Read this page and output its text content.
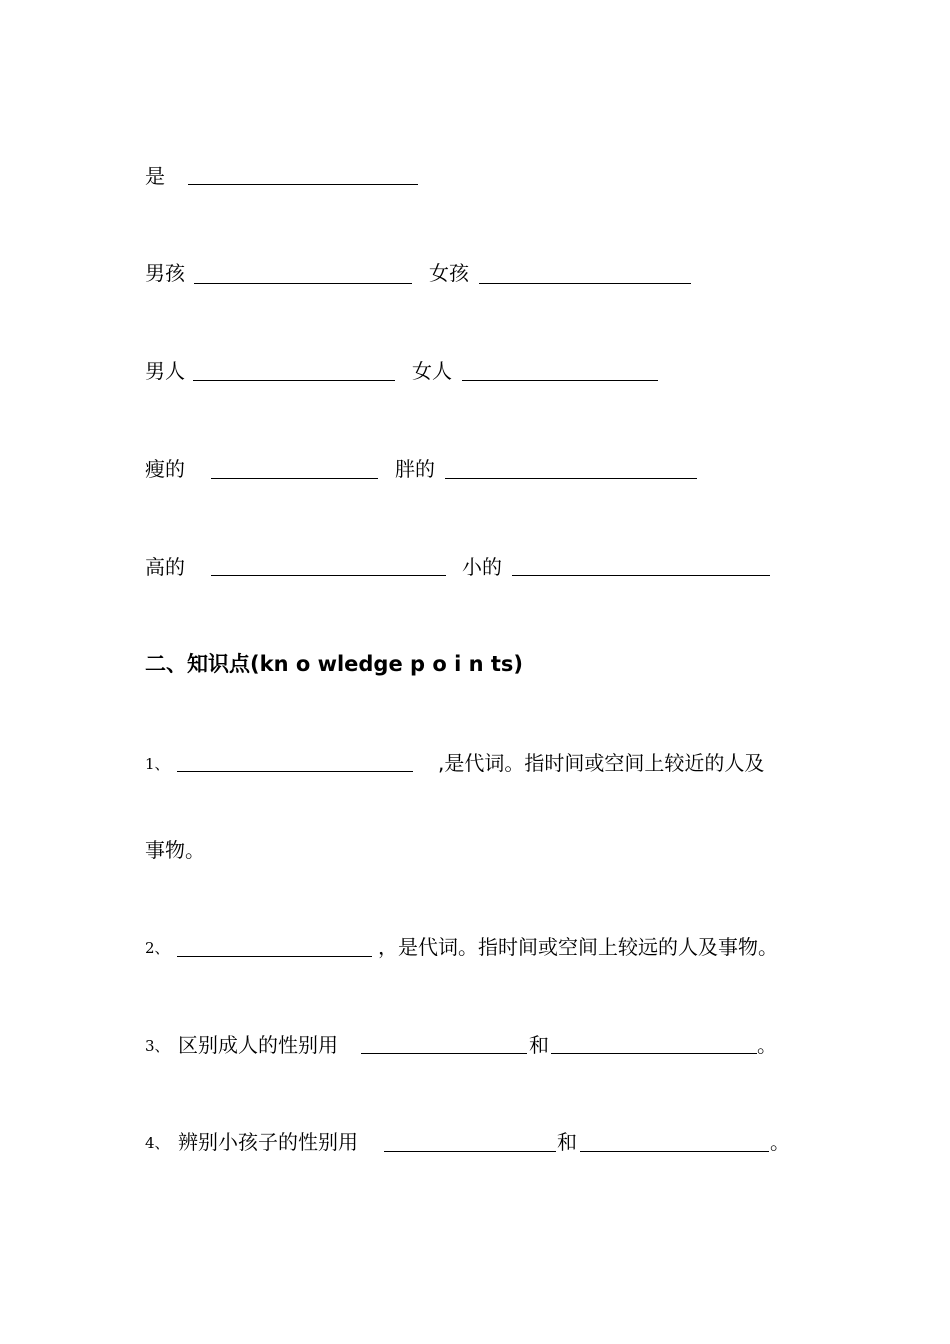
是
男孩	女孩
男人	女人
瘦的	胖的
高的	小的
二、知识点(kn o wledge p o i n ts)
1、	,是代词。指时间或空间上较近的人及
事物。
2、	，是代词。指时间或空间上较远的人及事物。
3、 区别成人的性别用	和	。
4、 辨别小孩子的性别用	和	。
